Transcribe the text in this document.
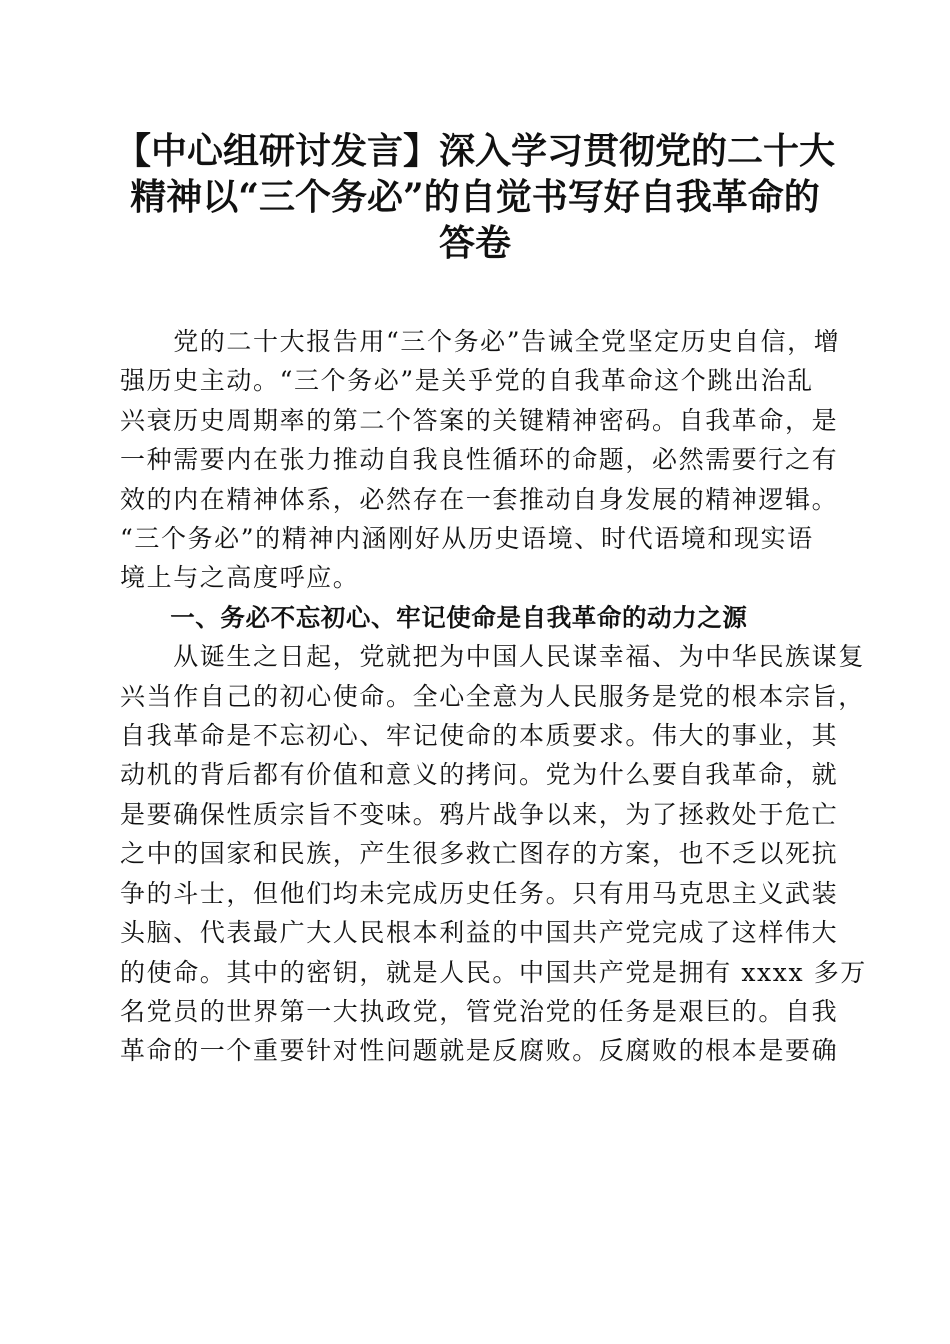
【中心组研讨发言】深入学习贯彻党的二十大
精神以“三个务必”的自觉书写好自我革命的
答卷
　　党的二十大报告用“三个务必”告诫全党坚定历史自信，增
强历史主动。“三个务必”是关乎党的自我革命这个跳出治乱
兴衰历史周期率的第二个答案的关键精神密码。自我革命，是
一种需要内在张力推动自我良性循环的命题，必然需要行之有
效的内在精神体系，必然存在一套推动自身发展的精神逻辑。
“三个务必”的精神内涵刚好从历史语境、时代语境和现实语
境上与之高度呼应。
　　一、务必不忘初心、牢记使命是自我革命的动力之源
　　从诞生之日起，党就把为中国人民谋幸福、为中华民族谋复
兴当作自己的初心使命。全心全意为人民服务是党的根本宗旨，
自我革命是不忘初心、牢记使命的本质要求。伟大的事业，其
动机的背后都有价值和意义的拷问。党为什么要自我革命，就
是要确保性质宗旨不变味。鸦片战争以来，为了拯救处于危亡
之中的国家和民族，产生很多救亡图存的方案，也不乏以死抗
争的斗士，但他们均未完成历史任务。只有用马克思主义武装
头脑、代表最广大人民根本利益的中国共产党完成了这样伟大
的使命。其中的密钥，就是人民。中国共产党是拥有 xxxx 多万
名党员的世界第一大执政党，管党治党的任务是艰巨的。自我
革命的一个重要针对性问题就是反腐败。反腐败的根本是要确
